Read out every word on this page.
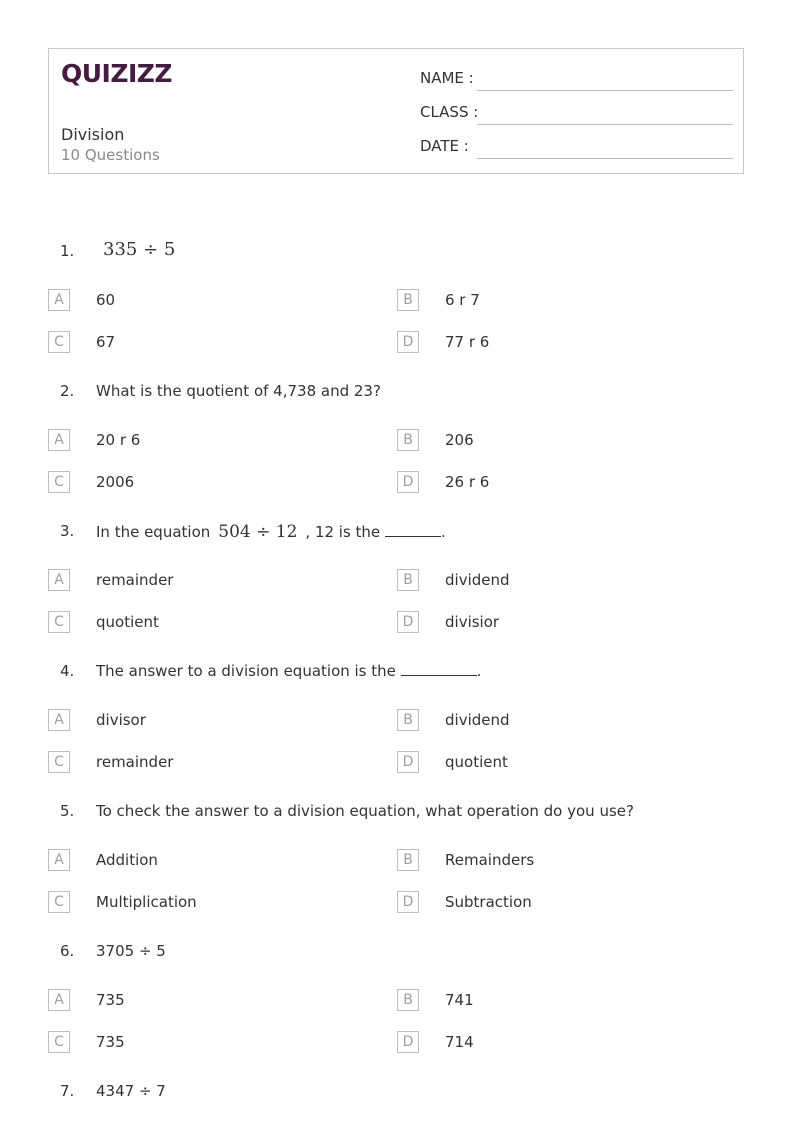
QUIZIZZ
Division
10 Questions
NAME :
CLASS :
DATE :
1. 335 ÷ 5
A	60	B	6 r 7
C	67	D	77 r 6
2. What is the quotient of 4,738 and 23?
A	20 r 6	B	206
C	2006	D	26 r 6
3. In the equation 504 ÷ 12 , 12 is the	.
A	remainder	B	dividend
C	quotient	D	divisior
4. The answer to a division equation is the	.
A	divisor	B	dividend
C	remainder	D	quotient
5. To check the answer to a division equation, what operation do you use?
A	Addition	B	Remainders
C	Multiplication	D	Subtraction
6. 3705 ÷ 5
A	735	B	741
C	735	D	714
7. 4347 ÷ 7
